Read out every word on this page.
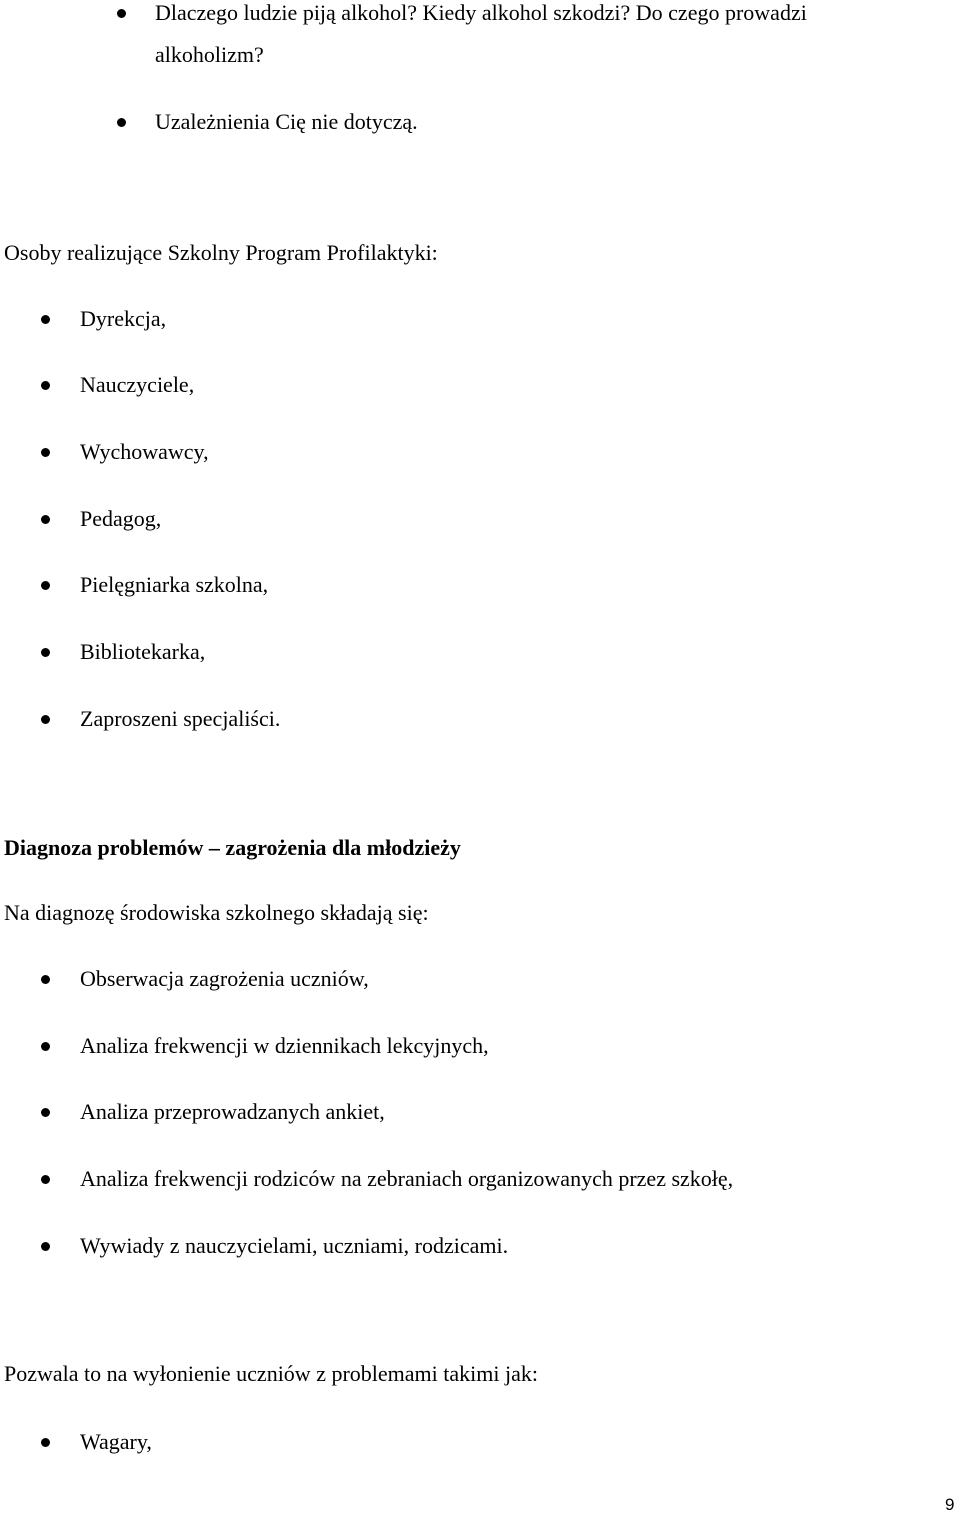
Dlaczego ludzie piją alkohol? Kiedy alkohol szkodzi? Do czego prowadzi
alkoholizm?
Uzależnienia Cię nie dotyczą.
Osoby realizujące Szkolny Program Profilaktyki:
Dyrekcja,
Nauczyciele,
Wychowawcy,
Pedagog,
Pielęgniarka szkolna,
Bibliotekarka,
Zaproszeni specjaliści.
Diagnoza problemów – zagrożenia dla młodzieży
Na diagnozę środowiska szkolnego składają się:
Obserwacja zagrożenia uczniów,
Analiza frekwencji w dziennikach lekcyjnych,
Analiza przeprowadzanych ankiet,
Analiza frekwencji rodziców na zebraniach organizowanych przez szkołę,
Wywiady z nauczycielami, uczniami, rodzicami.
Pozwala to na wyłonienie uczniów z problemami takimi jak:
Wagary,
9
